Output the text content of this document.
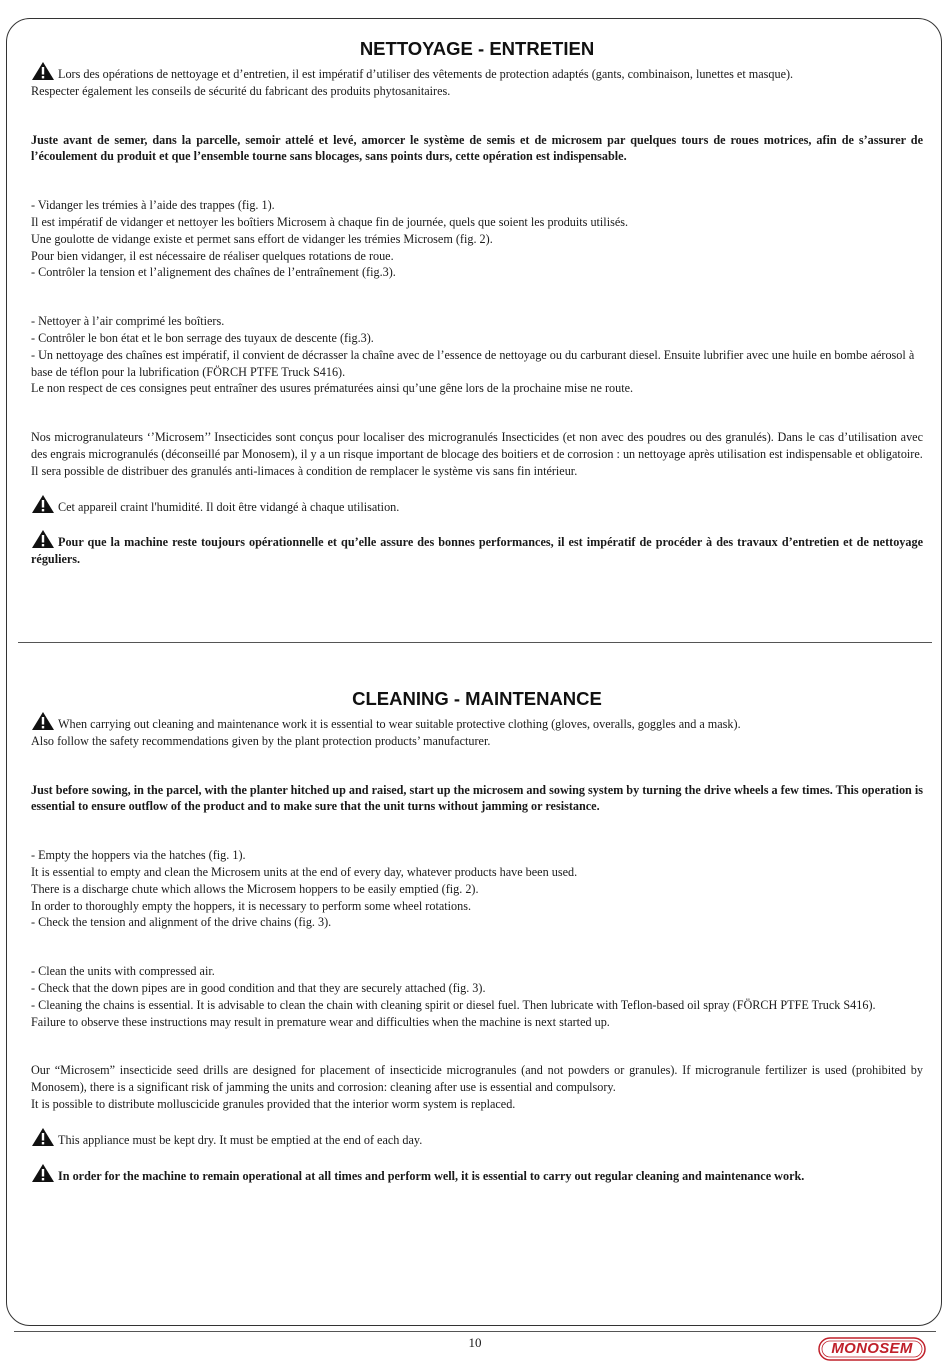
NETTOYAGE - ENTRETIEN

Lors des opérations de nettoyage et d’entretien, il est impératif d’utiliser des vêtements de protection adaptés (gants, combinaison, lunettes et masque).

Respecter également les conseils de sécurité du fabricant des produits phytosanitaires.

Juste avant de semer, dans la parcelle, semoir attelé et levé, amorcer le système de semis et de microsem par quelques tours de roues motrices, afin de s’assurer de l’écoulement du produit et que l’ensemble tourne sans blocages, sans points durs, cette opération est indispensable.

- Vidanger les trémies à l’aide des trappes (fig. 1).

Il est impératif de vidanger et nettoyer les boîtiers Microsem à chaque fin de journée, quels que soient les produits utilisés.

Une goulotte de vidange existe et permet sans effort de vidanger les trémies Microsem (fig. 2).

Pour bien vidanger, il est nécessaire de réaliser quelques rotations de roue.

- Contrôler la tension et l’alignement des chaînes de l’entraînement (fig.3).

- Nettoyer à l’air comprimé les boîtiers.

- Contrôler le bon état et le bon serrage des tuyaux de descente (fig.3).

- Un nettoyage des chaînes est impératif, il convient de décrasser la chaîne avec de l’essence de nettoyage ou du carburant diesel. Ensuite lubrifier avec une huile en bombe aérosol à base de téflon pour la lubrification (FÖRCH PTFE Truck S416).

Le non respect de ces consignes peut entraîner des usures prématurées ainsi qu’une gêne lors de la prochaine mise ne route.

Nos microgranulateurs ‘’Microsem’’ Insecticides sont conçus pour localiser des microgranulés Insecticides (et non avec des poudres ou des granulés). Dans le cas d’utilisation avec des engrais microgranulés (déconseillé par Monosem), il y a un risque important de blocage des boitiers et de corrosion : un nettoyage après utilisation est indispensable et obligatoire.

Il sera possible de distribuer des granulés anti-limaces à condition de remplacer le système vis sans fin intérieur.

Cet appareil craint l'humidité. Il doit être vidangé à chaque utilisation.

Pour que la machine reste toujours opérationnelle et qu’elle assure des bonnes performances, il est impératif de procéder à des travaux d’entretien et de nettoyage réguliers.

CLEANING - MAINTENANCE

When carrying out cleaning and maintenance work it is essential to wear suitable protective clothing (gloves, overalls, goggles and a mask).

Also follow the safety recommendations given by the plant protection products’ manufacturer.

Just before sowing, in the parcel, with the planter hitched up and raised, start up the microsem and sowing system by turning the drive wheels a few times. This operation is essential to ensure outflow of the product and to make sure that the unit turns without jamming or resistance.

- Empty the hoppers via the hatches (fig. 1).

It is essential to empty and clean the Microsem units at the end of every day, whatever products have been used.

There is a discharge chute which allows the Microsem hoppers to be easily emptied (fig. 2).

In order to thoroughly empty the hoppers, it is necessary to perform some wheel rotations.

- Check the tension and alignment of the drive chains (fig. 3).

- Clean the units with compressed air.

- Check that the down pipes are in good condition and that they are securely attached (fig. 3).

- Cleaning the chains is essential. It is advisable to clean the chain with cleaning spirit or diesel fuel. Then lubricate with Teflon-based oil spray (FÖRCH PTFE Truck S416).

Failure to observe these instructions may result in premature wear and difficulties when the machine is next started up.

Our “Microsem” insecticide seed drills are designed for placement of insecticide microgranules (and not powders or granules). If microgranule fertilizer is used (prohibited by Monosem), there is a significant risk of jamming the units and corrosion: cleaning after use is essential and compulsory.

It is possible to distribute molluscicide granules provided that the interior worm system is replaced.

This appliance must be kept dry. It must be emptied at the end of each day.

In order for the machine to remain operational at all times and perform well, it is essential to carry out regular cleaning and maintenance work.

10	MONOSEM
